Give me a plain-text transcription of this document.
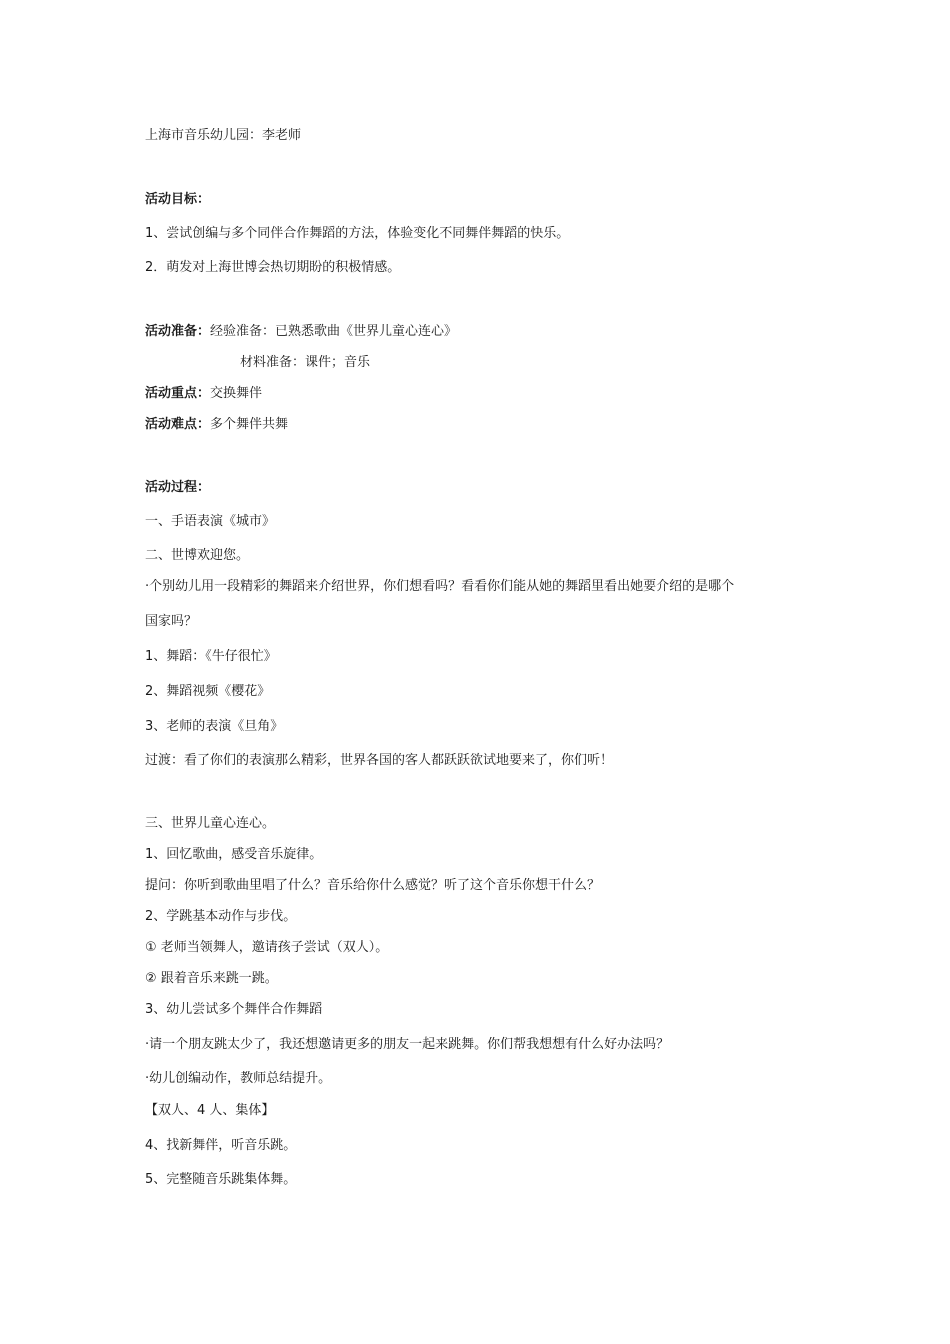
上海市音乐幼儿园：李老师
活动目标：
1、尝试创编与多个同伴合作舞蹈的方法，体验变化不同舞伴舞蹈的快乐。
2．萌发对上海世博会热切期盼的积极情感。
活动准备：经验准备：已熟悉歌曲《世界儿童心连心》
材料准备：课件；音乐
活动重点：交换舞伴
活动难点：多个舞伴共舞
活动过程：
一、手语表演《城市》
二、世博欢迎您。
·个别幼儿用一段精彩的舞蹈来介绍世界，你们想看吗？看看你们能从她的舞蹈里看出她要介绍的是哪个
国家吗？
1、舞蹈：《牛仔很忙》
2、舞蹈视频《樱花》
3、老师的表演《旦角》
过渡：看了你们的表演那么精彩，世界各国的客人都跃跃欲试地要来了，你们听！
三、世界儿童心连心。
1、回忆歌曲，感受音乐旋律。
提问：你听到歌曲里唱了什么？音乐给你什么感觉？听了这个音乐你想干什么？
2、学跳基本动作与步伐。
① 老师当领舞人，邀请孩子尝试（双人）。
② 跟着音乐来跳一跳。
3、幼儿尝试多个舞伴合作舞蹈
·请一个朋友跳太少了，我还想邀请更多的朋友一起来跳舞。你们帮我想想有什么好办法吗？
·幼儿创编动作，教师总结提升。
【双人、4 人、集体】
4、找新舞伴，听音乐跳。
5、完整随音乐跳集体舞。
